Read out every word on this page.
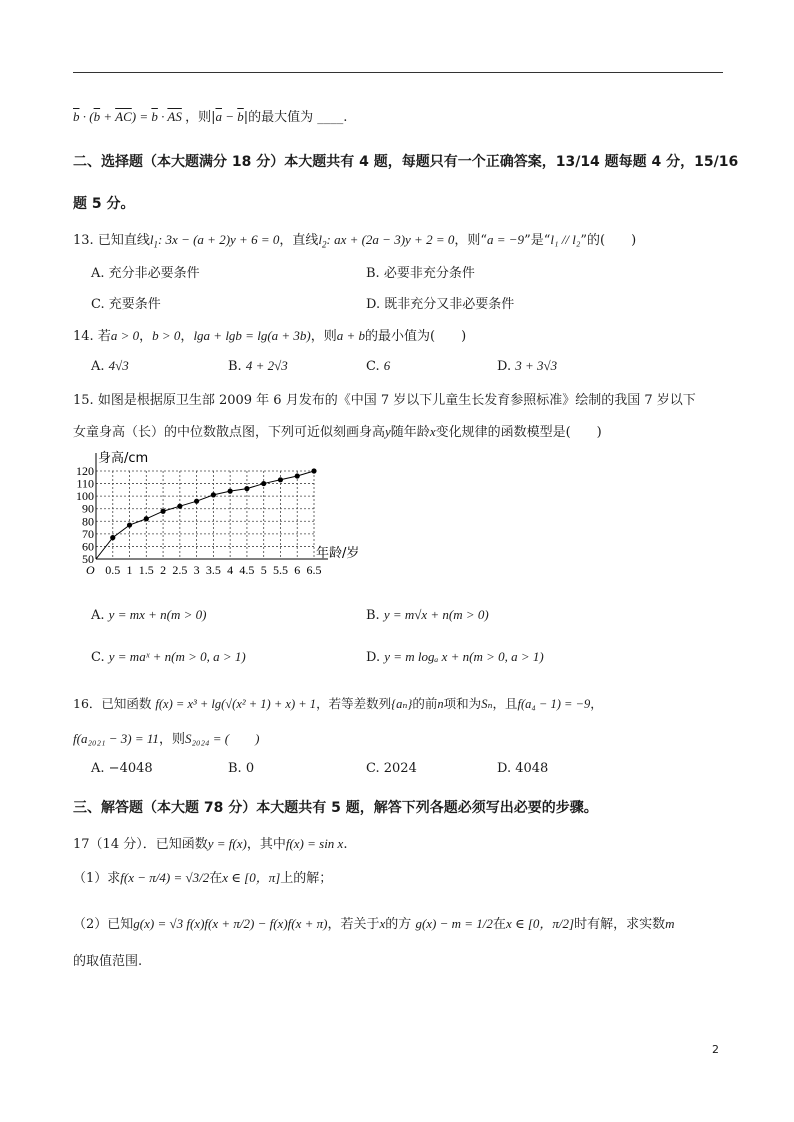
$\overline{b} \cdot (\overline{b} + \overline{AC}) = \overline{b} \cdot \overline{AS}$ ，则$|\overline{a} - \overline{b}|$的最大值为 ____.
二、选择题（本大题满分 18 分）本大题共有 4 题，每题只有一个正确答案，13/14 题每题 4 分，15/16
题 5 分。
13. 已知直线$l_1$: 3x − (a + 2)y + 6 = 0，直线$l_2$: ax + (2a − 3)y + 2 = 0，则“a = −9”是“l₁ // l₂”的(　　)
A. 充分非必要条件	B. 必要非充分条件
C. 充要条件	D. 既非充分又非必要条件
14. 若a > 0，b > 0，lga + lgb = lg(a + 3b)，则a + b的最小值为(　　)
A. 4√3	B. 4 + 2√3	C. 6	D. 3 + 3√3
15. 如图是根据原卫生部 2009 年 6 月发布的《中国 7 岁以下儿童生长发育参照标准》绘制的我国 7 岁以下
女童身高（长）的中位数散点图，下列可近似刻画身高y随年龄x变化规律的函数模型是(　　)
50
60
70
80
90
100
110
120
0.5 1 1.5 2 2.5 3 3.5 4 4.5 5 5.5 6 6.5
O
身高/cm
年龄/岁
A. y = mx + n(m > 0)	B. y = m√x + n(m > 0)
C. y = maˣ + n(m > 0, a > 1)	D. y = m logₐ x + n(m > 0, a > 1)
16．已知函数 f(x) = x³ + lg(√(x² + 1) + x) + 1，若等差数列{aₙ}的前n项和为Sₙ，且f(a₄ − 1) = −9，
f(a₂₀₂₁ − 3) = 11，则S₂₀₂₄ = (　　)
A. −4048	B. 0	C. 2024	D. 4048
三、解答题（本大题 78 分）本大题共有 5 题，解答下列各题必须写出必要的步骤。
17（14 分）．已知函数y = f(x)，其中f(x) = sin x.
（1）求f(x − π/4) = √3/2在x ∈ [0，π]上的解；
（2）已知g(x) = √3 f(x)f(x + π/2) − f(x)f(x + π)，若关于x的方 g(x) − m = 1/2在x ∈ [0，π/2]时有解，求实数m
的取值范围.
2
